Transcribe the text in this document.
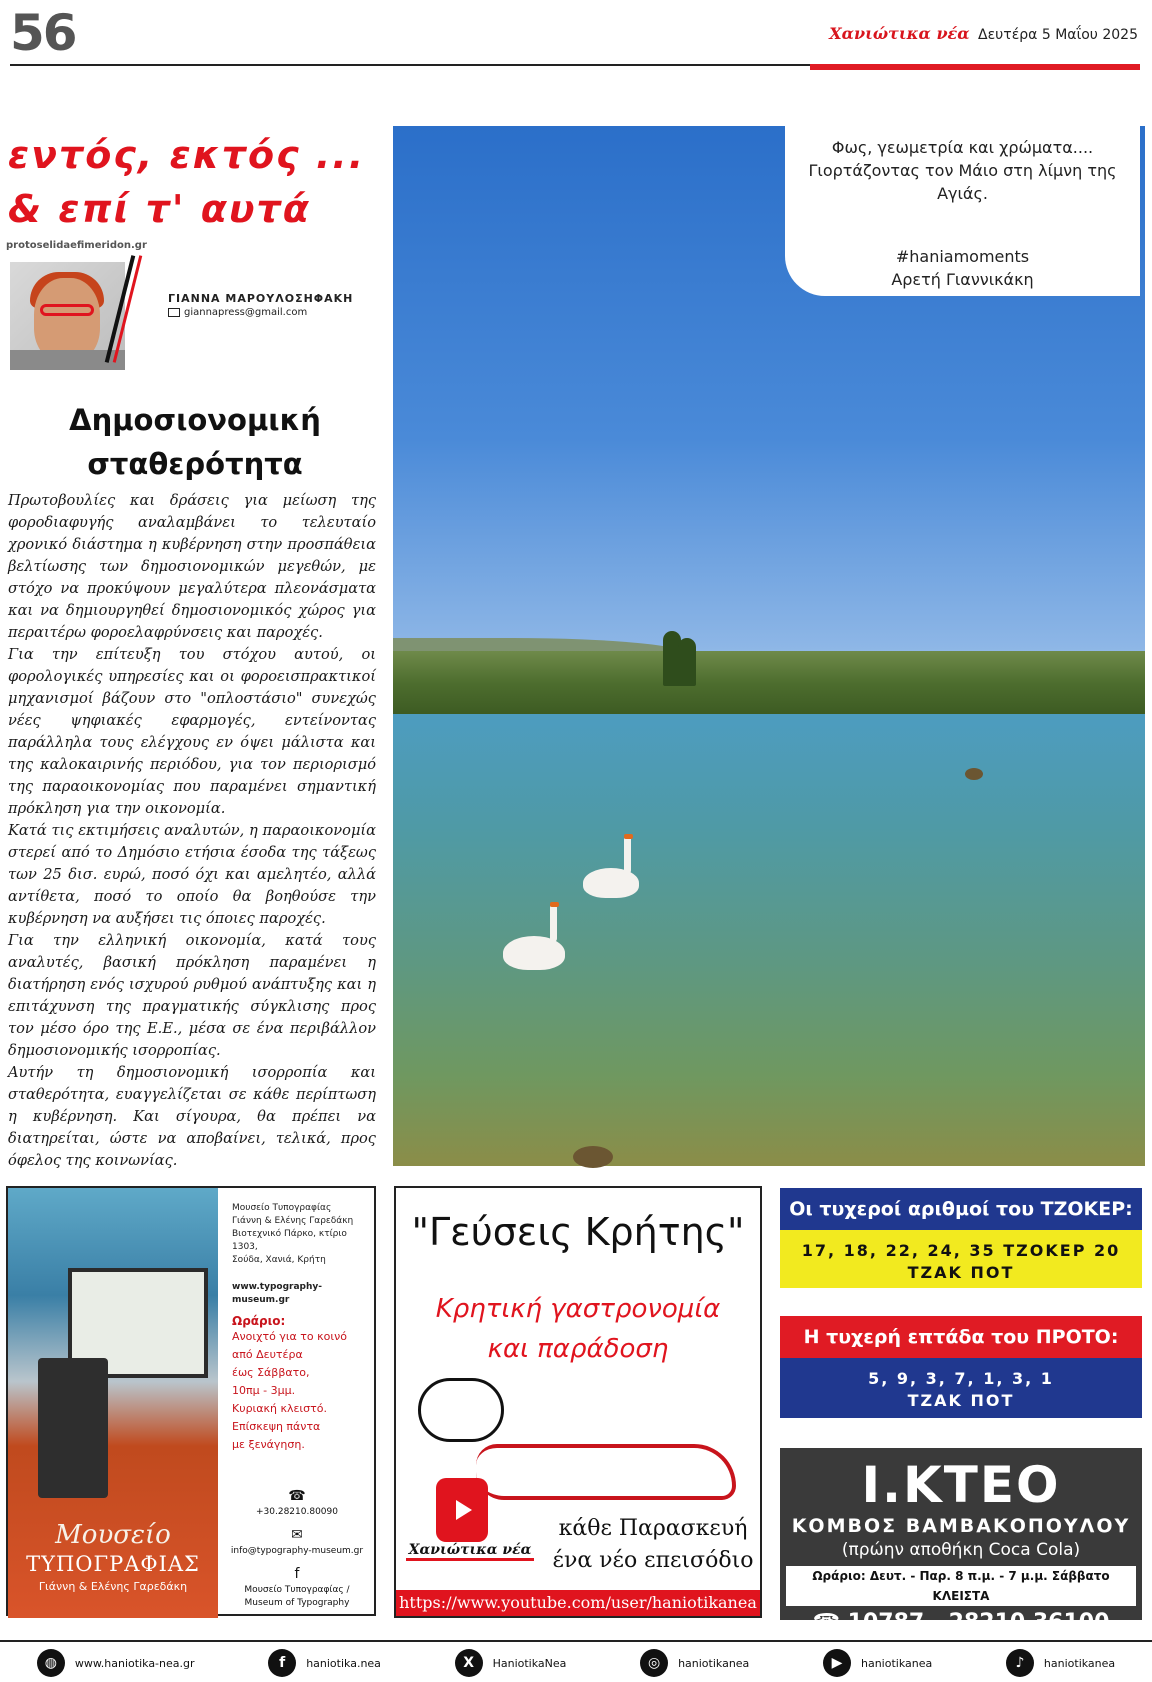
56	Χανιώτικα νέα Δευτέρα 5 Μαΐου 2025
εντός, εκτός ...
& επί τ' αυτά
protoselidaefimeridon.gr
ΓΙΑΝΝΑ ΜΑΡΟΥΛΟΣΗΦΑΚΗ
giannapress@gmail.com
Δημοσιονομική
σταθερότητα

Πρωτοβουλίες και δράσεις για μείωση της φοροδιαφυγής αναλαμβάνει το τελευταίο χρονικό διάστημα η κυβέρνηση στην προσπάθεια βελτίωσης των δημοσιονομικών μεγεθών, με στόχο να προκύψουν μεγαλύτερα πλεονάσματα και να δημιουργηθεί δημοσιονομικός χώρος για περαιτέρω φοροελαφρύνσεις και παροχές.

Για την επίτευξη του στόχου αυτού, οι φορολογικές υπηρεσίες και οι φοροεισπρακτικοί μηχανισμοί βάζουν στο "οπλοστάσιο" συνεχώς νέες ψηφιακές εφαρμογές, εντείνοντας παράλληλα τους ελέγχους εν όψει μάλιστα και της καλοκαιρινής περιόδου, για τον περιορισμό της παραοικονομίας που παραμένει σημαντική πρόκληση για την οικονομία.

Κατά τις εκτιμήσεις αναλυτών, η παραοικονομία στερεί από το Δημόσιο ετήσια έσοδα της τάξεως των 25 δισ. ευρώ, ποσό όχι και αμελητέο, αλλά αντίθετα, ποσό το οποίο θα βοηθούσε την κυβέρνηση να αυξήσει τις όποιες παροχές.

Για την ελληνική οικονομία, κατά τους αναλυτές, βασική πρόκληση παραμένει η διατήρηση ενός ισχυρού ρυθμού ανάπτυξης και η επιτάχυνση της πραγματικής σύγκλισης προς τον μέσο όρο της Ε.Ε., μέσα σε ένα περιβάλλον δημοσιονομικής ισορροπίας.

Αυτήν τη δημοσιονομική ισορροπία και σταθερότητα, ευαγγελίζεται σε κάθε περίπτωση η κυβέρνηση. Και σίγουρα, θα πρέπει να διατηρείται, ώστε να αποβαίνει, τελικά, προς όφελος της κοινωνίας.

Φως, γεωμετρία και χρώματα....
Γιορτάζοντας τον Μάιο στη λίμνη της Αγιάς.
#haniamoments
Αρετή Γιαννικάκη
Μουσείο
ΤΥΠΟΓΡΑΦΙΑΣ
Γιάννη & Ελένης Γαρεδάκη
Μουσείο Τυπογραφίας
Γιάννη & Ελένης Γαρεδάκη
Βιοτεχνικό Πάρκο, κτίριο 1303,
Σούδα, Χανιά, Κρήτη
www.typography-museum.gr
Ωράριο:
Ανοιχτό για το κοινό
από Δευτέρα
έως Σάββατο,
10πμ - 3μμ.
Κυριακή κλειστό.
Επίσκεψη πάντα
με ξενάγηση.
☎
+30.28210.80090
✉
info@typography-museum.gr
f
Μουσείο Τυπογραφίας /
Museum of Typography
"Γεύσεις Κρήτης"
Κρητική γαστρονομία
και παράδοση
Χανιώτικα νέα
κάθε Παρασκευή
ένα νέο επεισόδιο
https://www.youtube.com/user/haniotikanea
Οι τυχεροί αριθμοί του ΤΖΟΚΕΡ:
17, 18, 22, 24, 35 ΤΖΟΚΕΡ 20
ΤΖΑΚ ΠΟΤ
Η τυχερή επτάδα του ΠΡΟΤΟ:
5, 9, 3, 7, 1, 3, 1
ΤΖΑΚ ΠΟΤ
Ι.ΚΤΕΟ
ΚΟΜΒΟΣ ΒΑΜΒΑΚΟΠΟΥΛΟΥ
(πρώην αποθήκη Coca Cola)
Ωράριο: Δευτ. - Παρ. 8 π.μ. - 7 μ.μ. Σάββατο ΚΛΕΙΣΤΑ
☎ 10787 - 28210 36100
◍	www.haniotika-nea.gr	f	haniotika.nea	X	HaniotikaNea	◎	haniotikanea	▶	haniotikanea	♪	haniotikanea
